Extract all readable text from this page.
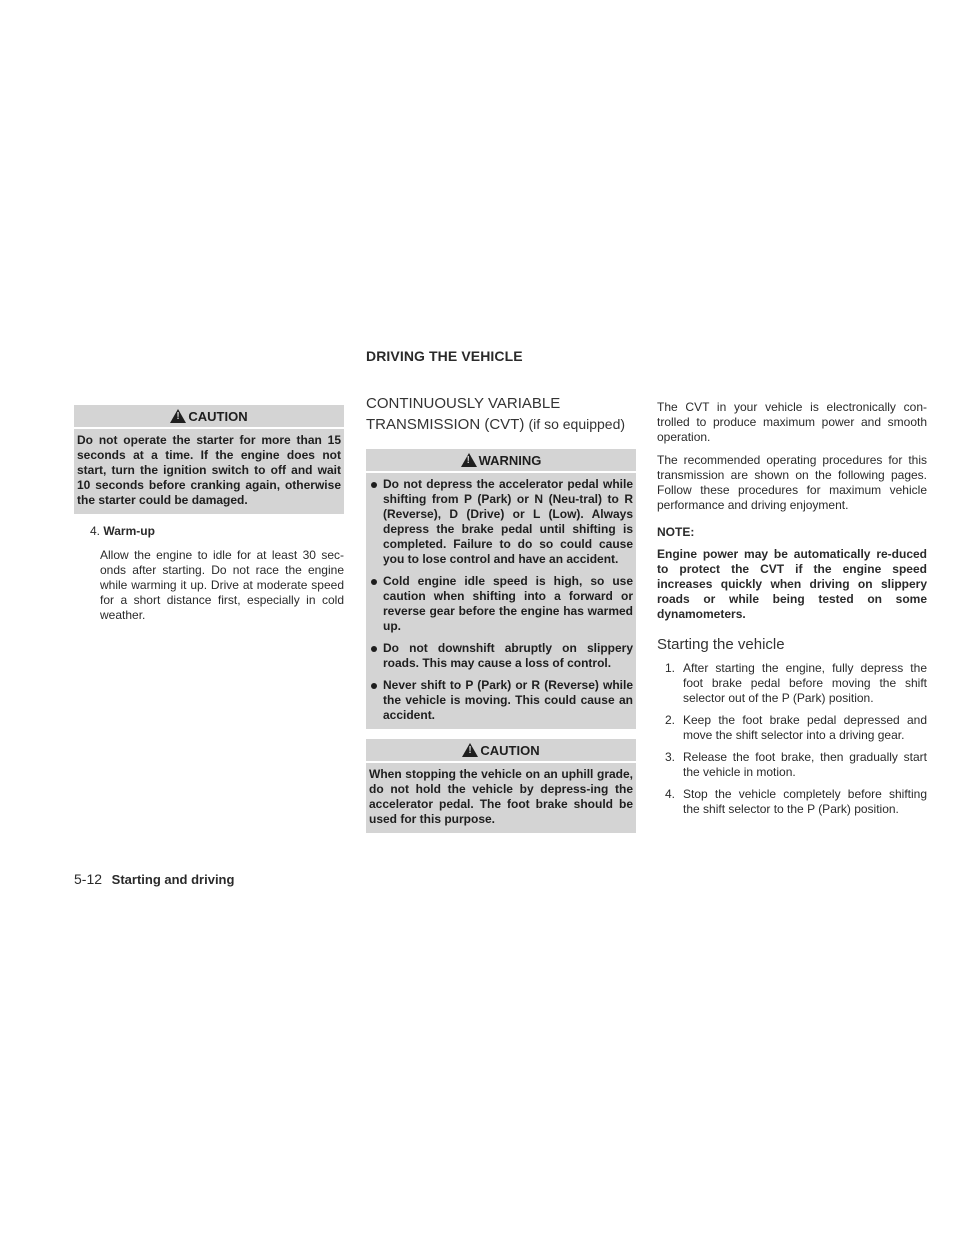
!CAUTION
Do not operate the starter for more than 15 seconds at a time. If the engine does not start, turn the ignition switch to off and wait 10 seconds before cranking again, otherwise the starter could be damaged.
4. Warm-up
Allow the engine to idle for at least 30 sec-onds after starting. Do not race the engine while warming it up. Drive at moderate speed for a short distance first, especially in cold weather.
DRIVING THE VEHICLE
CONTINUOUSLY VARIABLE TRANSMISSION (CVT) (if so equipped)
!WARNING
Do not depress the accelerator pedal while shifting from P (Park) or N (Neu-tral) to R (Reverse), D (Drive) or L (Low). Always depress the brake pedal until shifting is completed. Failure to do so could cause you to lose control and have an accident.
Cold engine idle speed is high, so use caution when shifting into a forward or reverse gear before the engine has warmed up.
Do not downshift abruptly on slippery roads. This may cause a loss of control.
Never shift to P (Park) or R (Reverse) while the vehicle is moving. This could cause an accident.
!CAUTION
When stopping the vehicle on an uphill grade, do not hold the vehicle by depress-ing the accelerator pedal. The foot brake should be used for this purpose.

The CVT in your vehicle is electronically con-trolled to produce maximum power and smooth operation.

The recommended operating procedures for this transmission are shown on the following pages. Follow these procedures for maximum vehicle performance and driving enjoyment.

NOTE:

Engine power may be automatically re-duced to protect the CVT if the engine speed increases quickly when driving on slippery roads or while being tested on some dynamometers.

Starting the vehicle
1. After starting the engine, fully depress the foot brake pedal before moving the shift selector out of the P (Park) position.
2. Keep the foot brake pedal depressed and move the shift selector into a driving gear.
3. Release the foot brake, then gradually start the vehicle in motion.
4. Stop the vehicle completely before shifting the shift selector to the P (Park) position.
5-12 Starting and driving
